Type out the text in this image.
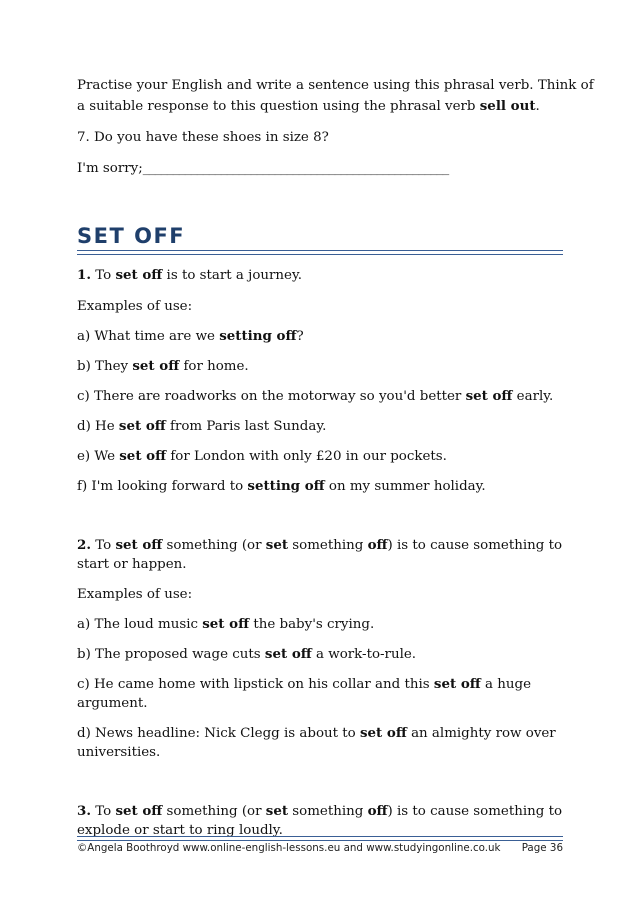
Practise your English and write a sentence using this phrasal verb. Think of
a suitable response to this question using the phrasal verb sell out.
7. Do you have these shoes in size 8?
I'm sorry;___________________________________________________
SET OFF
1. To set off is to start a journey.
Examples of use:
a) What time are we setting off?
b) They set off for home.
c) There are roadworks on the motorway so you'd better set off early.
d) He set off from Paris last Sunday.
e) We set off for London with only £20 in our pockets.
f) I'm looking forward to setting off on my summer holiday.
2. To set off something (or set something off) is to cause something to
start or happen.
Examples of use:
a) The loud music set off the baby's crying.
b) The proposed wage cuts set off a work-to-rule.
c) He came home with lipstick on his collar and this set off a huge
argument.
d) News headline: Nick Clegg is about to set off an almighty row over
universities.
3. To set off something (or set something off) is to cause something to
explode or start to ring loudly.
©Angela Boothroyd www.online-english-lessons.eu and www.studyingonline.co.uk Page 36
